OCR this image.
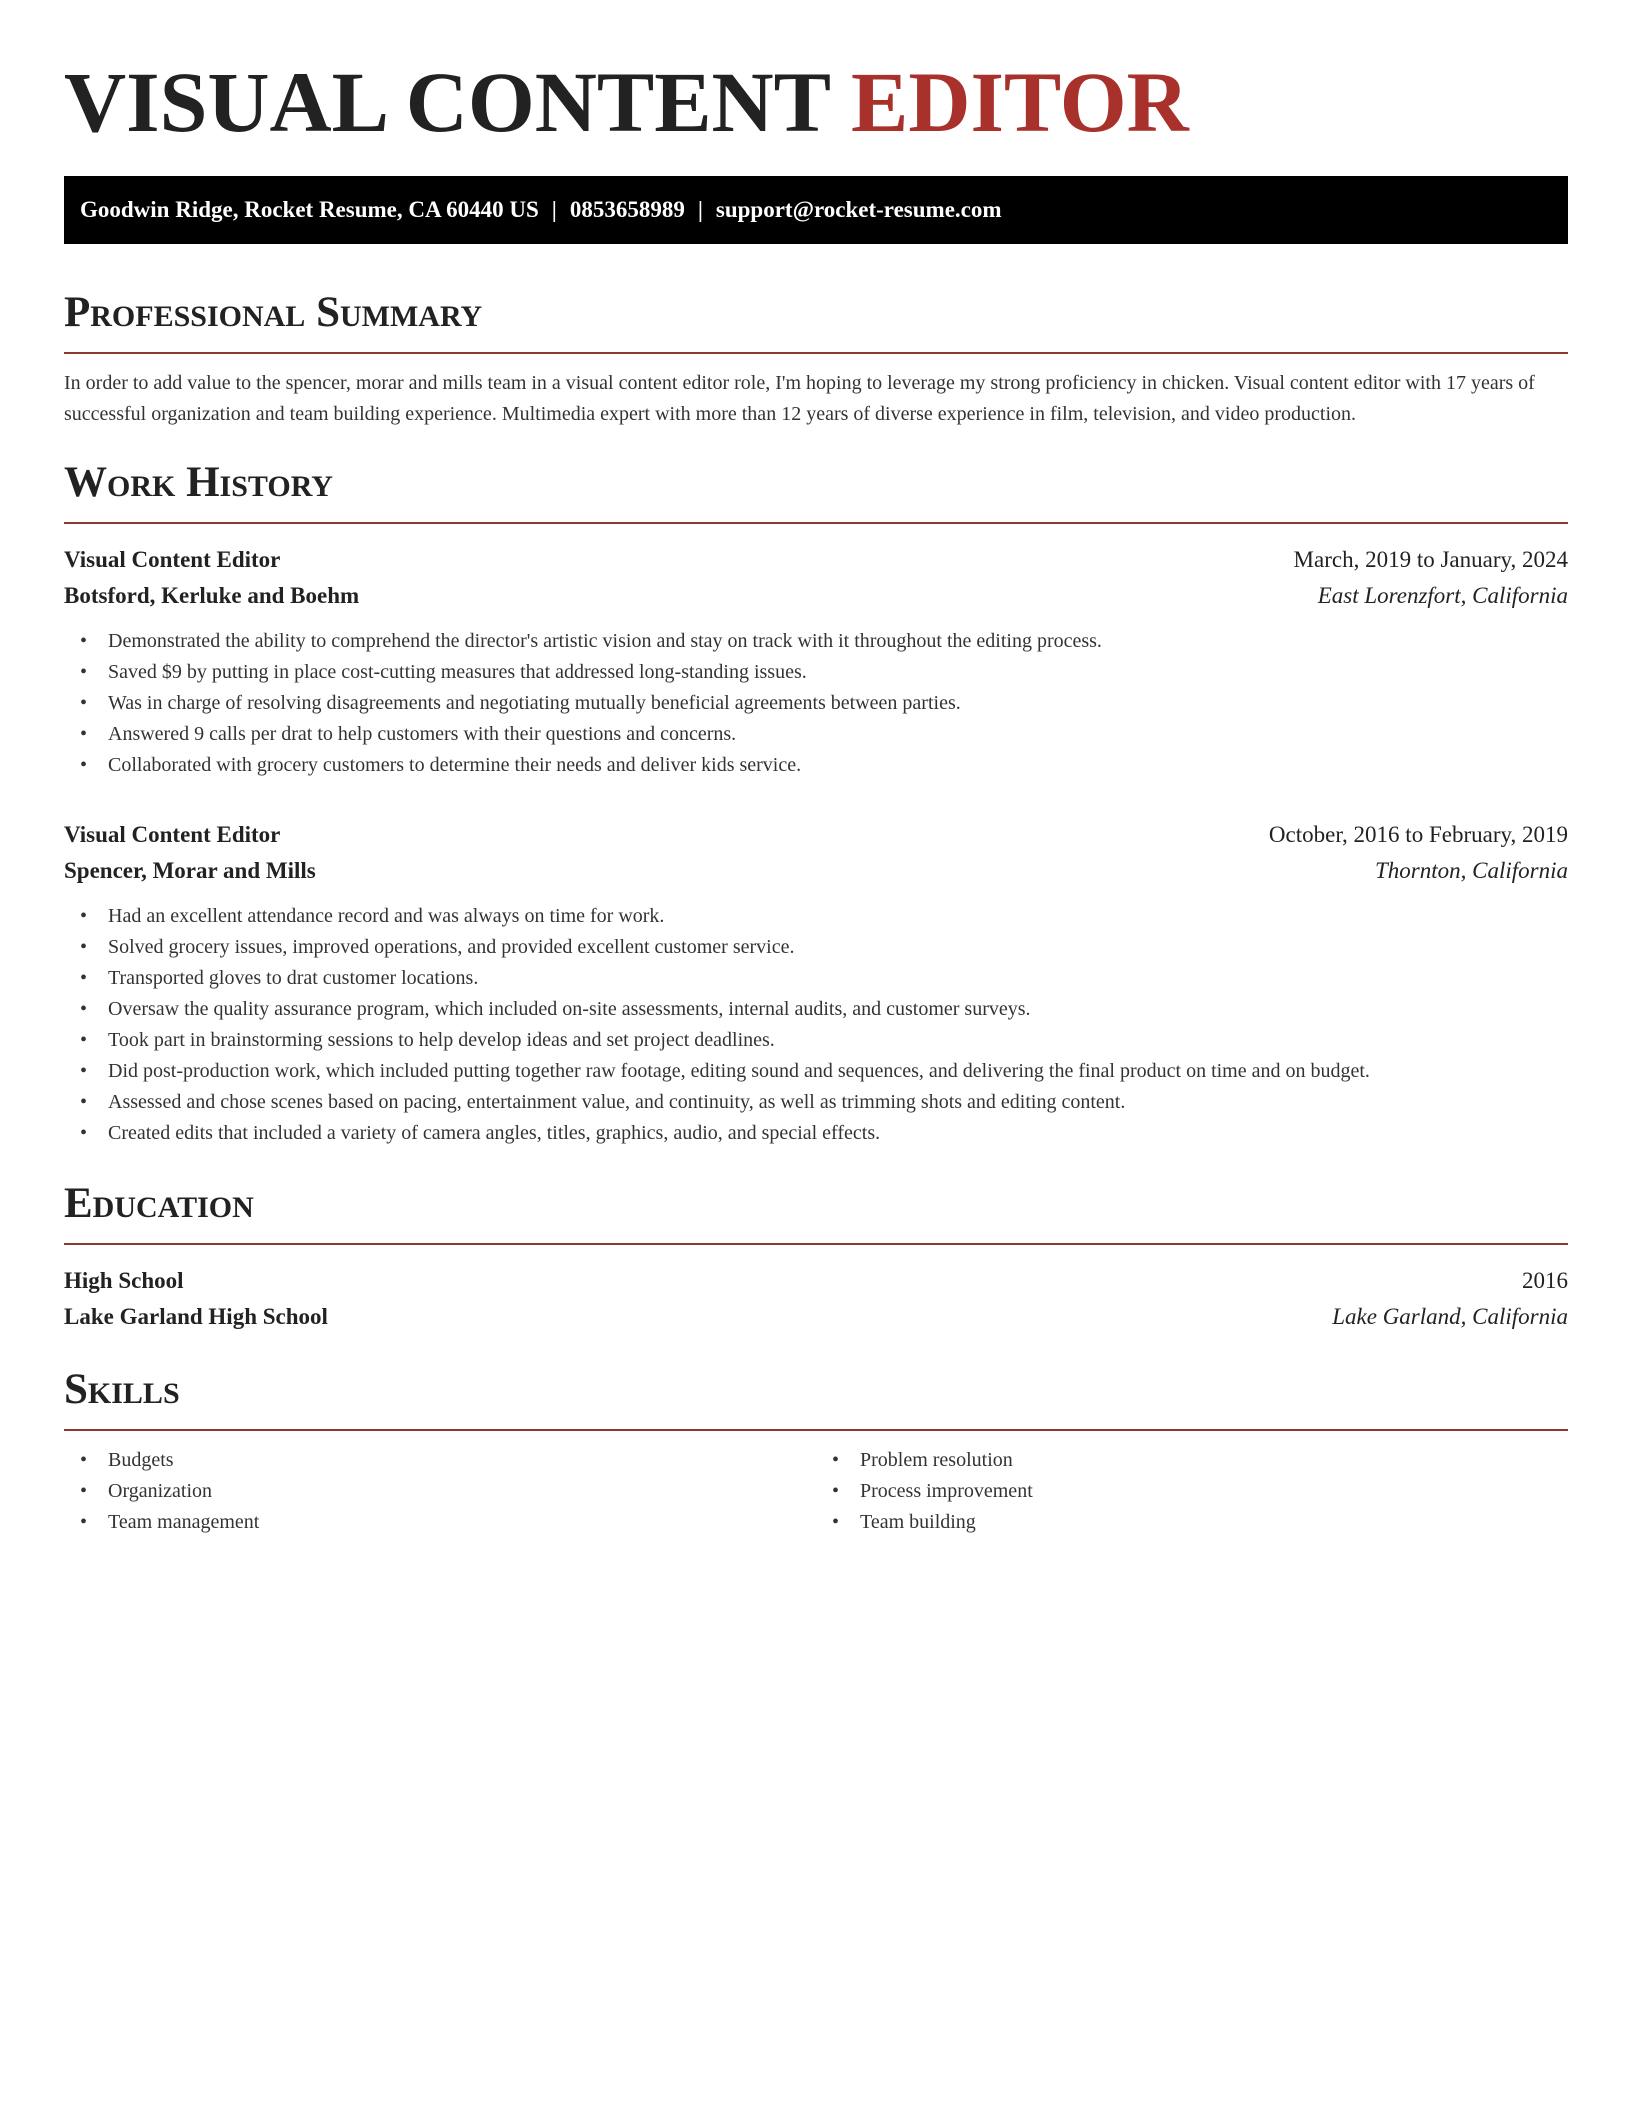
VISUAL CONTENT EDITOR
Goodwin Ridge, Rocket Resume, CA 60440 US | 0853658989 | support@rocket-resume.com
Professional Summary

In order to add value to the spencer, morar and mills team in a visual content editor role, I'm hoping to leverage my strong proficiency in chicken. Visual content editor with 17 years of successful organization and team building experience. Multimedia expert with more than 12 years of diverse experience in film, television, and video production.

Work History
Visual Content Editor	March, 2019 to January, 2024
Botsford, Kerluke and Boehm	East Lorenzfort, California
• Demonstrated the ability to comprehend the director's artistic vision and stay on track with it throughout the editing process.
• Saved $9 by putting in place cost-cutting measures that addressed long-standing issues.
• Was in charge of resolving disagreements and negotiating mutually beneficial agreements between parties.
• Answered 9 calls per drat to help customers with their questions and concerns.
• Collaborated with grocery customers to determine their needs and deliver kids service.
Visual Content Editor	October, 2016 to February, 2019
Spencer, Morar and Mills	Thornton, California
• Had an excellent attendance record and was always on time for work.
• Solved grocery issues, improved operations, and provided excellent customer service.
• Transported gloves to drat customer locations.
• Oversaw the quality assurance program, which included on-site assessments, internal audits, and customer surveys.
• Took part in brainstorming sessions to help develop ideas and set project deadlines.
• Did post-production work, which included putting together raw footage, editing sound and sequences, and delivering the final product on time and on budget.
• Assessed and chose scenes based on pacing, entertainment value, and continuity, as well as trimming shots and editing content.
• Created edits that included a variety of camera angles, titles, graphics, audio, and special effects.
Education
High School	2016
Lake Garland High School	Lake Garland, California
Skills
• Budgets
• Organization
• Team management
• Problem resolution
• Process improvement
• Team building
